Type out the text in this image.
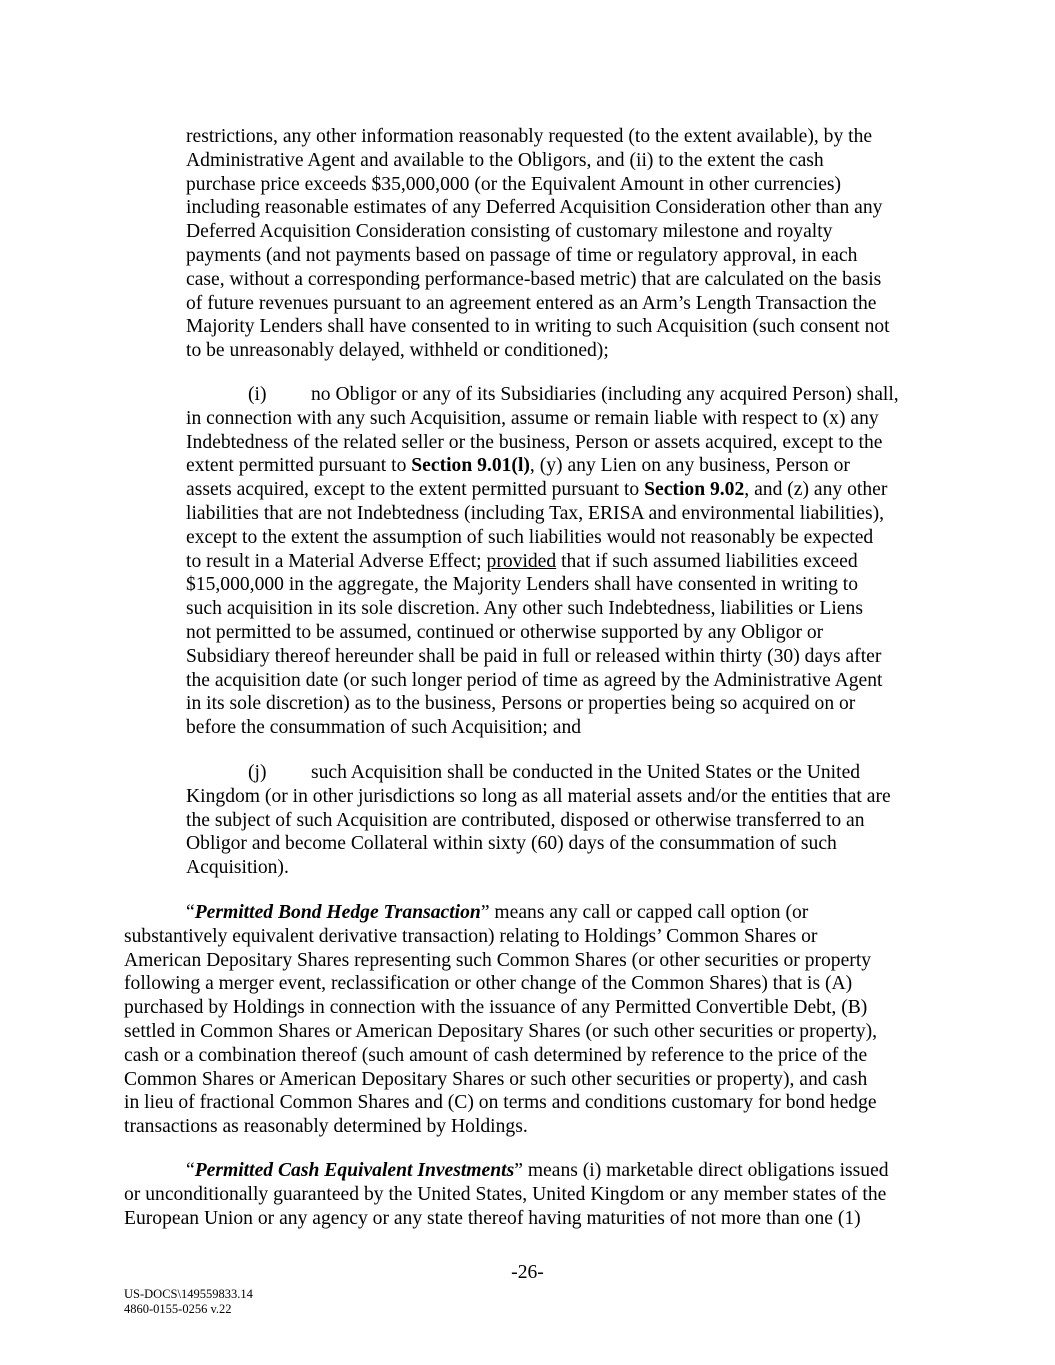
restrictions, any other information reasonably requested (to the extent available), by the
Administrative Agent and available to the Obligors, and (ii) to the extent the cash
purchase price exceeds $35,000,000 (or the Equivalent Amount in other currencies)
including reasonable estimates of any Deferred Acquisition Consideration other than any
Deferred Acquisition Consideration consisting of customary milestone and royalty
payments (and not payments based on passage of time or regulatory approval, in each
case, without a corresponding performance-based metric) that are calculated on the basis
of future revenues pursuant to an agreement entered as an Arm’s Length Transaction the
Majority Lenders shall have consented to in writing to such Acquisition (such consent not
to be unreasonably delayed, withheld or conditioned);
(i) no Obligor or any of its Subsidiaries (including any acquired Person) shall,
in connection with any such Acquisition, assume or remain liable with respect to (x) any
Indebtedness of the related seller or the business, Person or assets acquired, except to the
extent permitted pursuant to Section 9.01(l), (y) any Lien on any business, Person or
assets acquired, except to the extent permitted pursuant to Section 9.02, and (z) any other
liabilities that are not Indebtedness (including Tax, ERISA and environmental liabilities),
except to the extent the assumption of such liabilities would not reasonably be expected
to result in a Material Adverse Effect; provided that if such assumed liabilities exceed
$15,000,000 in the aggregate, the Majority Lenders shall have consented in writing to
such acquisition in its sole discretion. Any other such Indebtedness, liabilities or Liens
not permitted to be assumed, continued or otherwise supported by any Obligor or
Subsidiary thereof hereunder shall be paid in full or released within thirty (30) days after
the acquisition date (or such longer period of time as agreed by the Administrative Agent
in its sole discretion) as to the business, Persons or properties being so acquired on or
before the consummation of such Acquisition; and
(j) such Acquisition shall be conducted in the United States or the United
Kingdom (or in other jurisdictions so long as all material assets and/or the entities that are
the subject of such Acquisition are contributed, disposed or otherwise transferred to an
Obligor and become Collateral within sixty (60) days of the consummation of such
Acquisition).
“Permitted Bond Hedge Transaction” means any call or capped call option (or
substantively equivalent derivative transaction) relating to Holdings’ Common Shares or
American Depositary Shares representing such Common Shares (or other securities or property
following a merger event, reclassification or other change of the Common Shares) that is (A)
purchased by Holdings in connection with the issuance of any Permitted Convertible Debt, (B)
settled in Common Shares or American Depositary Shares (or such other securities or property),
cash or a combination thereof (such amount of cash determined by reference to the price of the
Common Shares or American Depositary Shares or such other securities or property), and cash
in lieu of fractional Common Shares and (C) on terms and conditions customary for bond hedge
transactions as reasonably determined by Holdings.
“Permitted Cash Equivalent Investments” means (i) marketable direct obligations issued
or unconditionally guaranteed by the United States, United Kingdom or any member states of the
European Union or any agency or any state thereof having maturities of not more than one (1)
-26-
US-DOCS\149559833.14
4860-0155-0256 v.22
